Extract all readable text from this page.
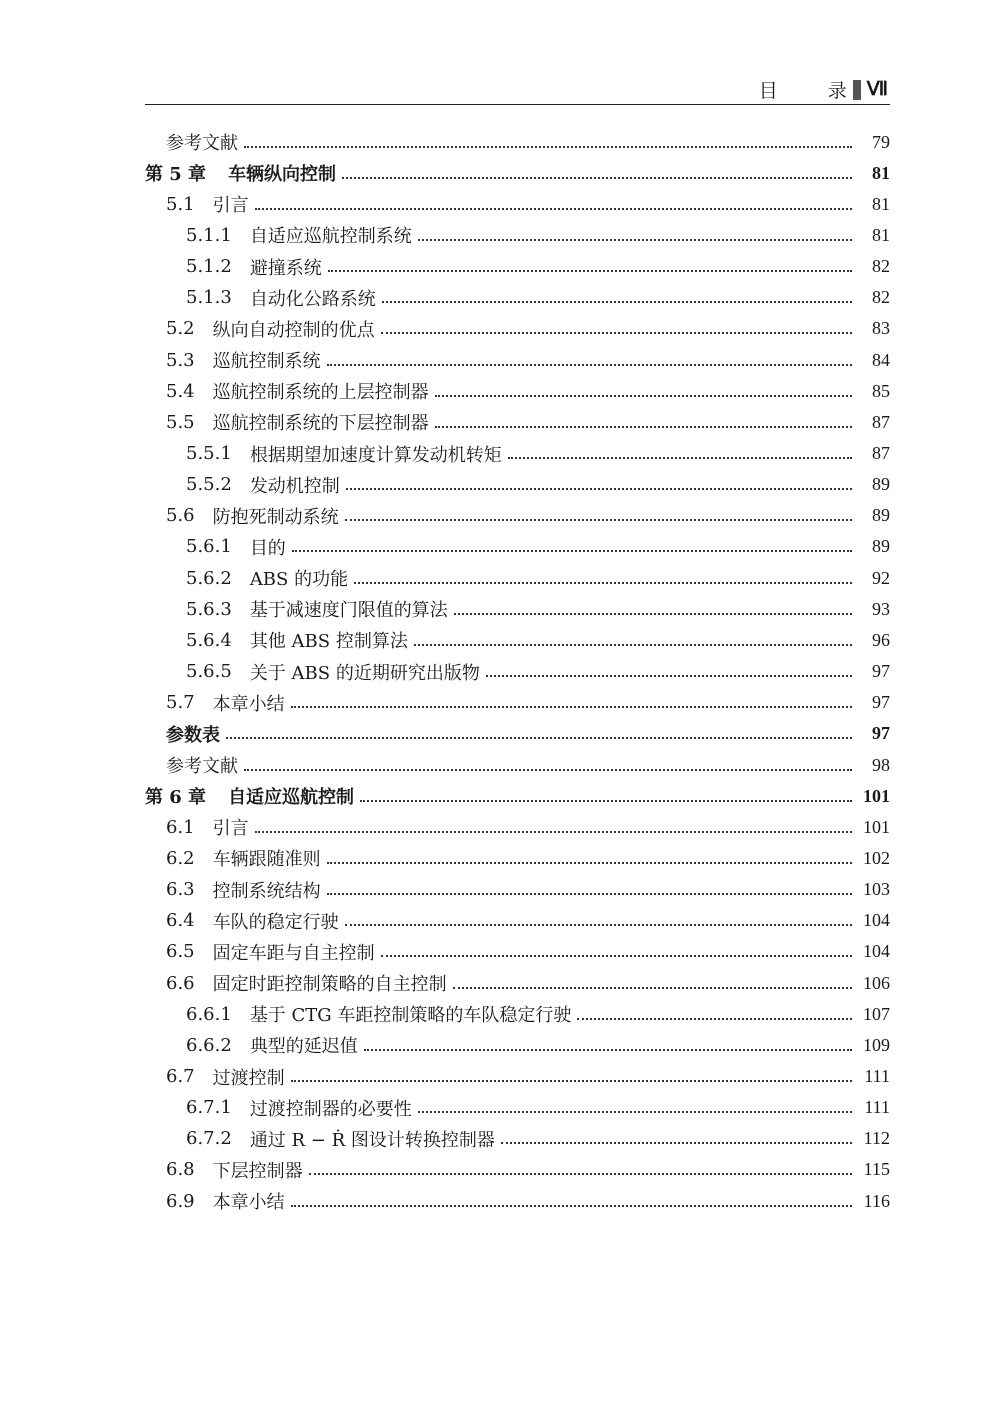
目	录 Ⅶ
参考文献	79
第 5 章 车辆纵向控制	81
5.1 引言	81
5.1.1 自适应巡航控制系统	81
5.1.2 避撞系统	82
5.1.3 自动化公路系统	82
5.2 纵向自动控制的优点	83
5.3 巡航控制系统	84
5.4 巡航控制系统的上层控制器	85
5.5 巡航控制系统的下层控制器	87
5.5.1 根据期望加速度计算发动机转矩	87
5.5.2 发动机控制	89
5.6 防抱死制动系统	89
5.6.1 目的	89
5.6.2 ABS 的功能	92
5.6.3 基于减速度门限值的算法	93
5.6.4 其他 ABS 控制算法	96
5.6.5 关于 ABS 的近期研究出版物	97
5.7 本章小结	97
参数表	97
参考文献	98
第 6 章 自适应巡航控制	101
6.1 引言	101
6.2 车辆跟随准则	102
6.3 控制系统结构	103
6.4 车队的稳定行驶	104
6.5 固定车距与自主控制	104
6.6 固定时距控制策略的自主控制	106
6.6.1 基于 CTG 车距控制策略的车队稳定行驶	107
6.6.2 典型的延迟值	109
6.7 过渡控制	111
6.7.1 过渡控制器的必要性	111
6.7.2 通过 R − Ṙ 图设计转换控制器	112
6.8 下层控制器	115
6.9 本章小结	116
